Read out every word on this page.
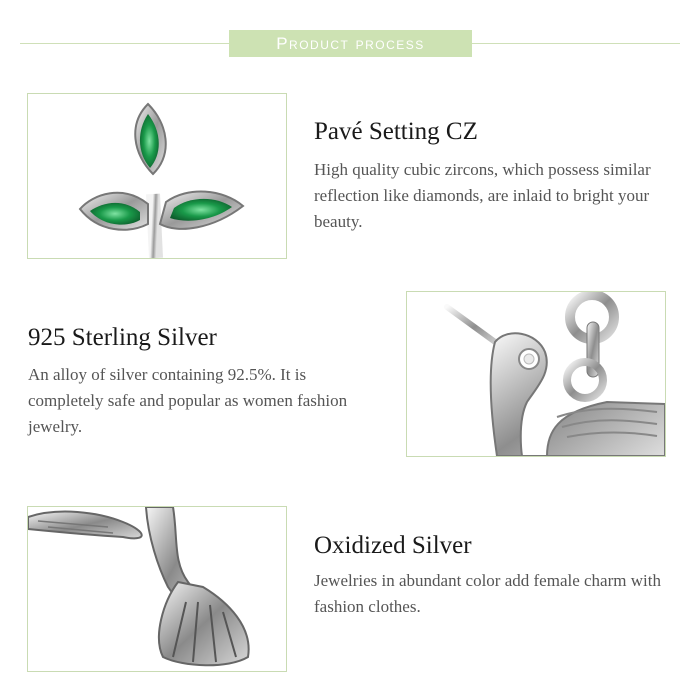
Product process
Pavé Setting CZ
High quality cubic zircons, which possess similar reflection like diamonds, are inlaid to bright your beauty.
925 Sterling Silver
An alloy of silver containing 92.5%. It is completely safe and popular as women fashion jewelry.
Oxidized Silver
Jewelries in abundant color add female charm with fashion clothes.
